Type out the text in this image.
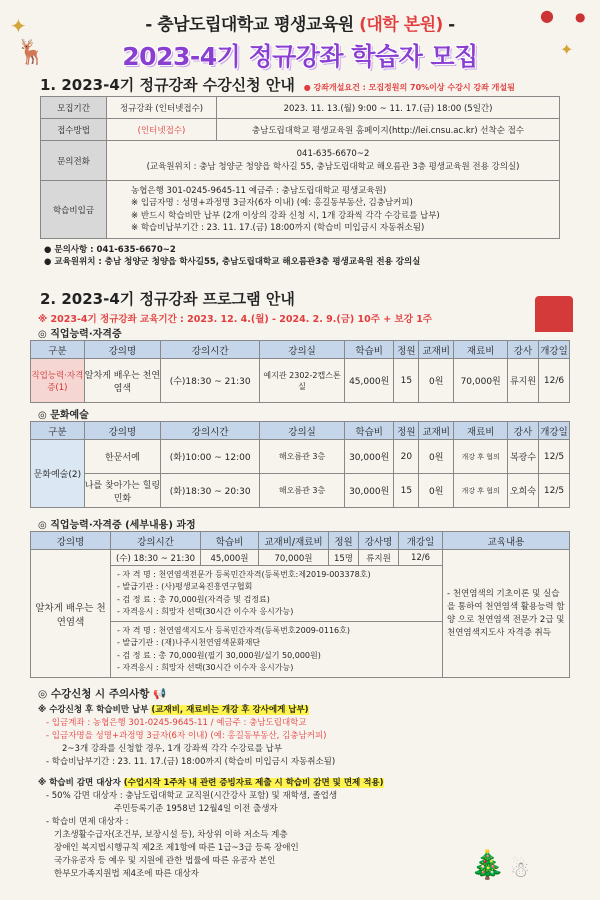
✦
✦
🦌
● ●
🎄 ☃
- 충남도립대학교 평생교육원 (대학 본원) -
2023-4기 정규강좌 학습자 모집
1. 2023-4기 정규강좌 수강신청 안내 ● 강좌개설요건 : 모집정원의 70%이상 수강시 강좌 개설됨
모집기간	정규강좌 (인터넷접수)	2023. 11. 13.(월) 9:00 ~ 11. 17.(금) 18:00 (5일간)
접수방법	(인터넷접수)	충남도립대학교 평생교육원 홈페이지(http://lei.cnsu.ac.kr) 선착순 접수
문의전화	041-635-6670~2
(교육원위치 : 충남 청양군 청양읍 학사길 55, 충남도립대학교 해오름관 3층 평생교육원 전용 강의실)	

학습비입금	농협은행 301-0245-9645-11 예금주 : 충남도립대학교 평생교육원)
※ 입금자명 : 성명+과정명 3글자(6자 이내) (예: 홍길동부동산, 김충남커피)
※ 반드시 학습비만 납부 (2개 이상의 강좌 신청 시, 1개 강좌씩 각각 수강료를 납부)
※ 학습비납부기간 : 23. 11. 17.(금) 18:00까지 (학습비 미입금시 자동취소됨)	
● 문의사항 : 041-635-6670~2
● 교육원위치 : 충남 청양군 청양읍 학사길55, 충남도립대학교 해오름관3층 평생교육원 전용 강의실
2. 2023-4기 정규강좌 프로그램 안내
※ 2023-4기 정규강좌 교육기간 : 2023. 12. 4.(월) - 2024. 2. 9.(금) 10주 + 보강 1주
◎ 직업능력·자격증
구분	강의명	강의시간	강의실	학습비	정원	교재비	재료비	강사	개강일
직업능력·자격증(1)	알차게 배우는 천연염색	(수)18:30 ~ 21:30	예지관 2302-2캡스톤실	45,000원	15	0원	70,000원	류지원	12/6
◎ 문화예술
구분	강의명	강의시간	강의실	학습비	정원	교재비	재료비	강사	개강일
문화예술(2)	한문서예	(화)10:00 ~ 12:00	해오름관 3층	30,000원	20	0원	개강 후 협의	복광수	12/5
	나를 찾아가는 힐링 민화	(화)18:30 ~ 20:30	해오름관 3층	30,000원	15	0원	개강 후 협의	오희숙	12/5
◎ 직업능력·자격증 (세부내용) 과정
강의명	강의시간	학습비	교재비/재료비	정원	강사명	개강일	교육내용
알차게 배우는 천연염색	(수) 18:30 ~ 21:30	45,000원	70,000원	15명	류지원	12/6	- 천연염색의 기초이론 및 실습을 통하여 천연염색 활용능력 함양 으로 천연염색 전문가 2급 및 천연염색지도사 자격증 취득

	- 자 격 명 : 천연염색전문가 등록민간자격(등록번호:제2019-003378호)
- 발급기관 : (사)평생교육진흥연구협회
- 검 정 료 : 총 70,000원(자격증 및 검정료)
- 자격응시 : 희망자 선택(30시간 이수자 응시가능)						

	- 자 격 명 : 천연염색지도사 등록민간자격(등록번호2009-0116호)
- 발급기관 : (재)나주시천연염색문화재단
- 검 정 료 : 총 70,000원(필기 30,000원/실기 50,000원)
- 자격응시 : 희망자 선택(30시간 이수자 응시가능)						
◎ 수강신청 시 주의사항 📢
※ 수강신청 후 학습비만 납부 (교재비, 재료비는 개강 후 강사에게 납부)
- 입금계좌 : 농협은행 301-0245-9645-11 / 예금주 : 충남도립대학교
- 입금자명을 성명+과정명 3글자(6자 이내) (예: 홍길동부동산, 김충남커피)
2~3개 강좌를 신청할 경우, 1개 강좌씩 각각 수강료를 납부
- 학습비납부기간 : 23. 11. 17.(금) 18:00까지 (학습비 미입금시 자동취소됨)
※ 학습비 감면 대상자 (수업시작 1주차 내 관련 증빙자료 제출 시 학습비 감면 및 면제 적용)
- 50% 감면 대상자 : 충남도립대학교 교직원(시간강사 포함) 및 재학생, 졸업생
주민등록기준 1958년 12월4일 이전 출생자
- 학습비 면제 대상자 :
기초생활수급자(조건부, 보장시설 등), 차상위 이하 저소득 계층
장애인 복지법시행규칙 제2조 제1항에 따른 1급~3급 등록 장애인
국가유공자 등 예우 및 지원에 관한 법률에 따른 유공자 본인
한부모가족지원법 제4조에 따른 대상자
